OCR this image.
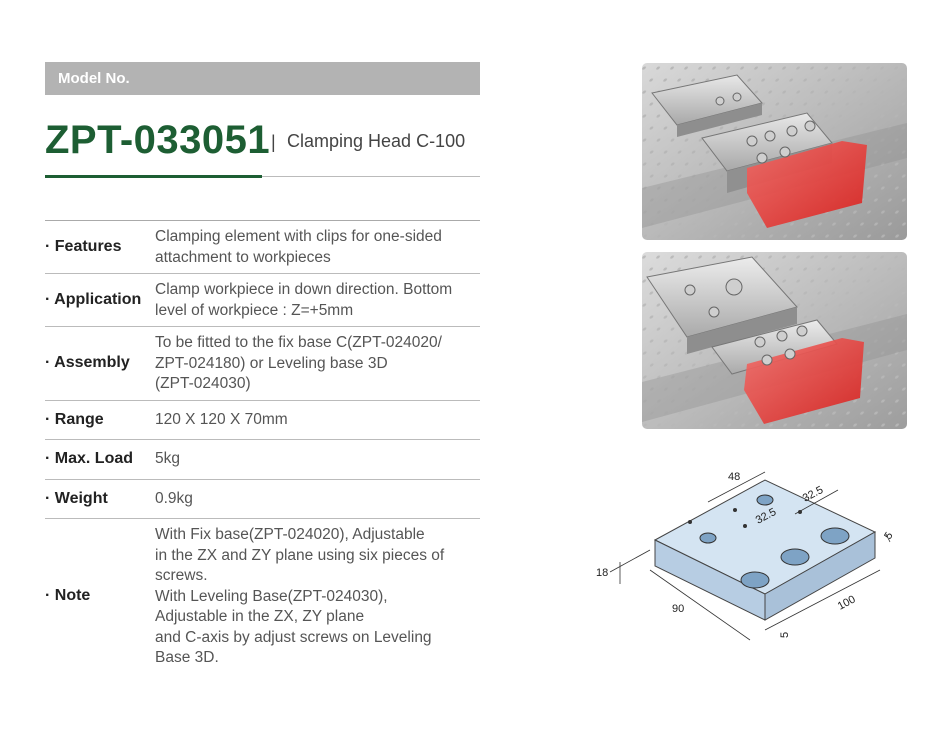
Model No.
ZPT-033051 | Clamping Head C-100
· Features
Clamping element with clips for one-sided
attachment to workpieces
· Application
Clamp workpiece in down direction. Bottom
level of workpiece : Z=+5mm
· Assembly
To be fitted to the fix base C(ZPT-024020/
ZPT-024180) or Leveling base 3D
(ZPT-024030)
· Range	120 X 120 X 70mm
· Max. Load 5kg
· Weight	0.9kg
· Note
With Fix base(ZPT-024020), Adjustable
in the ZX and ZY plane using six pieces of
screws.
With Leveling Base(ZPT-024030),
Adjustable in the ZX, ZY plane
and C-axis by adjust screws on Leveling
Base 3D.
48
32.5
32.5
18
90	100
5
5
